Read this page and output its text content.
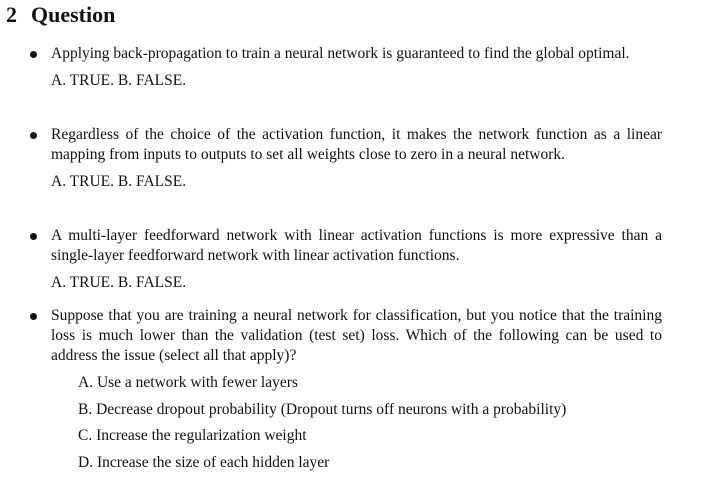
2 Question
Applying back-propagation to train a neural network is guaranteed to find the global optimal.
A. TRUE. B. FALSE.
Regardless of the choice of the activation function, it makes the network function as a linear mapping from inputs to outputs to set all weights close to zero in a neural network.
A. TRUE. B. FALSE.
A multi-layer feedforward network with linear activation functions is more expressive than a single-layer feedforward network with linear activation functions.
A. TRUE. B. FALSE.
Suppose that you are training a neural network for classification, but you notice that the training loss is much lower than the validation (test set) loss. Which of the following can be used to address the issue (select all that apply)?
A. Use a network with fewer layers
B. Decrease dropout probability (Dropout turns off neurons with a probability)
C. Increase the regularization weight
D. Increase the size of each hidden layer
